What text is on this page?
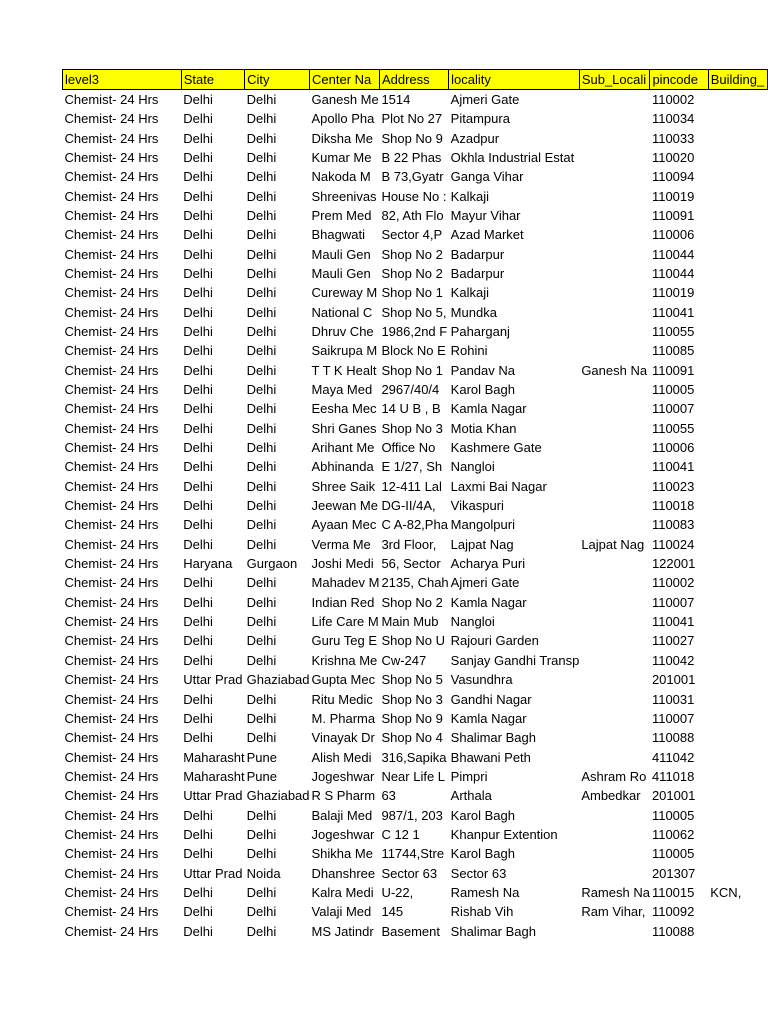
level3	State	City	Center Na	Address	locality	Sub_Locali	pincode	Building_
Chemist- 24 Hrs	Delhi	Delhi	Ganesh Me	1514	Ajmeri Gate		110002	
Chemist- 24 Hrs	Delhi	Delhi	Apollo Pha	Plot No 27	Pitampura		110034	
Chemist- 24 Hrs	Delhi	Delhi	Diksha Me	Shop No 9	Azadpur		110033	
Chemist- 24 Hrs	Delhi	Delhi	Kumar Me	B 22 Phas	Okhla Industrial Estat		110020	
Chemist- 24 Hrs	Delhi	Delhi	Nakoda M	B 73,Gyatr	Ganga Vihar		110094	
Chemist- 24 Hrs	Delhi	Delhi	Shreenivas	House No :	Kalkaji		110019	
Chemist- 24 Hrs	Delhi	Delhi	Prem Med	82, Ath Flo	Mayur Vihar		110091	
Chemist- 24 Hrs	Delhi	Delhi	Bhagwati	Sector 4,P	Azad Market		110006	
Chemist- 24 Hrs	Delhi	Delhi	Mauli Gen	Shop No 2	Badarpur		110044	
Chemist- 24 Hrs	Delhi	Delhi	Mauli Gen	Shop No 2	Badarpur		110044	
Chemist- 24 Hrs	Delhi	Delhi	Cureway M	Shop No 1	Kalkaji		110019	
Chemist- 24 Hrs	Delhi	Delhi	National C	Shop No 5,	Mundka		110041	
Chemist- 24 Hrs	Delhi	Delhi	Dhruv Che	1986,2nd F	Paharganj		110055	
Chemist- 24 Hrs	Delhi	Delhi	Saikrupa M	Block No E	Rohini		110085	
Chemist- 24 Hrs	Delhi	Delhi	T T K Healt	Shop No 1	Pandav Na	Ganesh Na	110091	
Chemist- 24 Hrs	Delhi	Delhi	Maya Med	2967/40/4	Karol Bagh		110005	
Chemist- 24 Hrs	Delhi	Delhi	Eesha Mec	14 U B , B	Kamla Nagar		110007	
Chemist- 24 Hrs	Delhi	Delhi	Shri Ganes	Shop No 3	Motia Khan		110055	
Chemist- 24 Hrs	Delhi	Delhi	Arihant Me	Office No	Kashmere Gate		110006	
Chemist- 24 Hrs	Delhi	Delhi	Abhinanda	E 1/27, Sh	Nangloi		110041	
Chemist- 24 Hrs	Delhi	Delhi	Shree Saik	12-411 Lal	Laxmi Bai Nagar		110023	
Chemist- 24 Hrs	Delhi	Delhi	Jeewan Me	DG-II/4A,	Vikaspuri		110018	
Chemist- 24 Hrs	Delhi	Delhi	Ayaan Mec	C A-82,Pha	Mangolpuri		110083	
Chemist- 24 Hrs	Delhi	Delhi	Verma Me	3rd Floor,	Lajpat Nag	Lajpat Nag	110024	
Chemist- 24 Hrs	Haryana	Gurgaon	Joshi Medi	56, Sector	Acharya Puri		122001	
Chemist- 24 Hrs	Delhi	Delhi	Mahadev M	2135, Chah	Ajmeri Gate		110002	
Chemist- 24 Hrs	Delhi	Delhi	Indian Red	Shop No 2	Kamla Nagar		110007	
Chemist- 24 Hrs	Delhi	Delhi	Life Care M	Main Mub	Nangloi		110041	
Chemist- 24 Hrs	Delhi	Delhi	Guru Teg E	Shop No U	Rajouri Garden		110027	
Chemist- 24 Hrs	Delhi	Delhi	Krishna Me	Cw-247	Sanjay Gandhi Transp		110042	
Chemist- 24 Hrs	Uttar Prad	Ghaziabad	Gupta Mec	Shop No 5	Vasundhra		201001	
Chemist- 24 Hrs	Delhi	Delhi	Ritu Medic	Shop No 3	Gandhi Nagar		110031	
Chemist- 24 Hrs	Delhi	Delhi	M. Pharma	Shop No 9	Kamla Nagar		110007	
Chemist- 24 Hrs	Delhi	Delhi	Vinayak Dr	Shop No 4	Shalimar Bagh		110088	
Chemist- 24 Hrs	Maharasht	Pune	Alish Medi	316,Sapika	Bhawani Peth		411042	
Chemist- 24 Hrs	Maharasht	Pune	Jogeshwar	Near Life L	Pimpri	Ashram Ro	411018	
Chemist- 24 Hrs	Uttar Prad	Ghaziabad	R S Pharm	63	Arthala	Ambedkar	201001	
Chemist- 24 Hrs	Delhi	Delhi	Balaji Med	987/1, 203	Karol Bagh		110005	
Chemist- 24 Hrs	Delhi	Delhi	Jogeshwar	C 12 1	Khanpur Extention		110062	
Chemist- 24 Hrs	Delhi	Delhi	Shikha Me	11744,Stre	Karol Bagh		110005	
Chemist- 24 Hrs	Uttar Prad	Noida	Dhanshree	Sector 63	Sector 63		201307	
Chemist- 24 Hrs	Delhi	Delhi	Kalra Medi	U-22,	Ramesh Na	Ramesh Na	110015	KCN,
Chemist- 24 Hrs	Delhi	Delhi	Valaji Med	145	Rishab Vih	Ram Vihar,	110092	
Chemist- 24 Hrs	Delhi	Delhi	MS Jatindr	Basement	Shalimar Bagh		110088	
